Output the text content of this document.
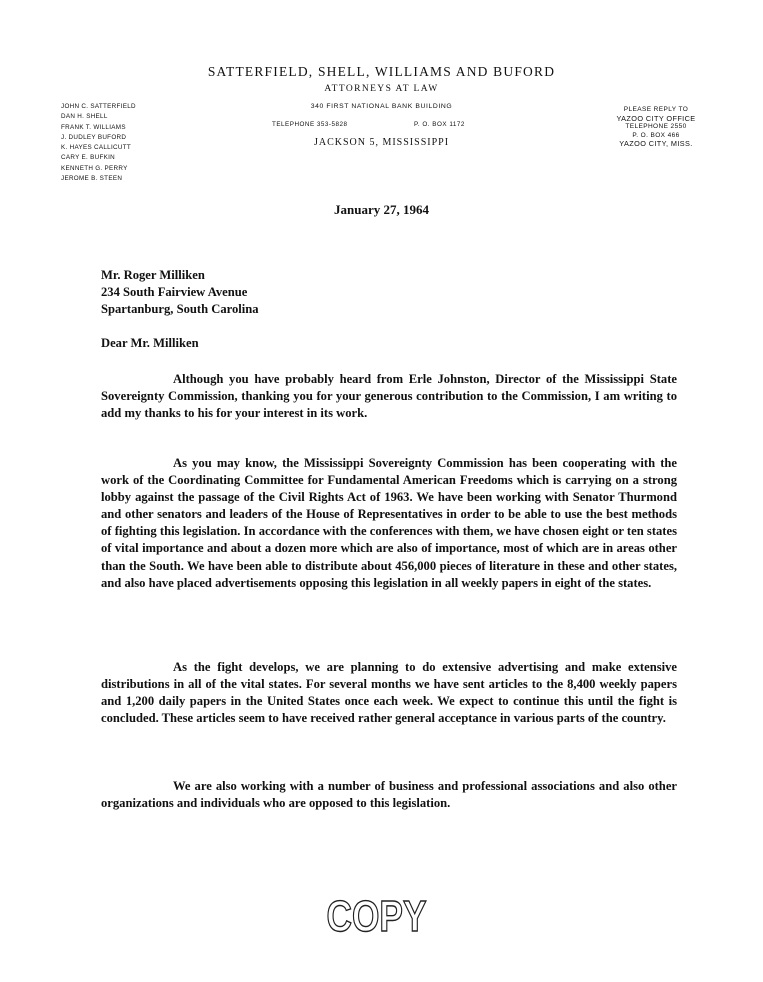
SATTERFIELD, SHELL, WILLIAMS AND BUFORD
ATTORNEYS AT LAW
JOHN C. SATTERFIELD
DAN H. SHELL
FRANK T. WILLIAMS
J. DUDLEY BUFORD
K. HAYES CALLICUTT
CARY E. BUFKIN
KENNETH G. PERRY
JEROME B. STEEN
340 FIRST NATIONAL BANK BUILDING
TELEPHONE 353-5828	P. O. BOX 1172
JACKSON 5, MISSISSIPPI
PLEASE REPLY TO
YAZOO CITY OFFICE
TELEPHONE 2550
P. O. BOX 466
YAZOO CITY, MISS.
January 27, 1964
Mr. Roger Milliken
234 South Fairview Avenue
Spartanburg, South Carolina
Dear Mr. Milliken

Although you have probably heard from Erle Johnston, Director of the Mississippi State Sovereignty Commission, thanking you for your generous contribution to the Commission, I am writing to add my thanks to his for your interest in its work.

As you may know, the Mississippi Sovereignty Commission has been cooperating with the work of the Coordinating Committee for Fundamental American Freedoms which is carrying on a strong lobby against the passage of the Civil Rights Act of 1963. We have been working with Senator Thurmond and other senators and leaders of the House of Representatives in order to be able to use the best methods of fighting this legislation. In accordance with the conferences with them, we have chosen eight or ten states of vital importance and about a dozen more which are also of importance, most of which are in areas other than the South. We have been able to distribute about 456,000 pieces of literature in these and other states, and also have placed advertisements opposing this legislation in all weekly papers in eight of the states.

As the fight develops, we are planning to do extensive advertising and make extensive distributions in all of the vital states. For several months we have sent articles to the 8,400 weekly papers and 1,200 daily papers in the United States once each week. We expect to continue this until the fight is concluded. These articles seem to have received rather general acceptance in various parts of the country.

We are also working with a number of business and professional associations and also other organizations and individuals who are opposed to this legislation.

COPY
